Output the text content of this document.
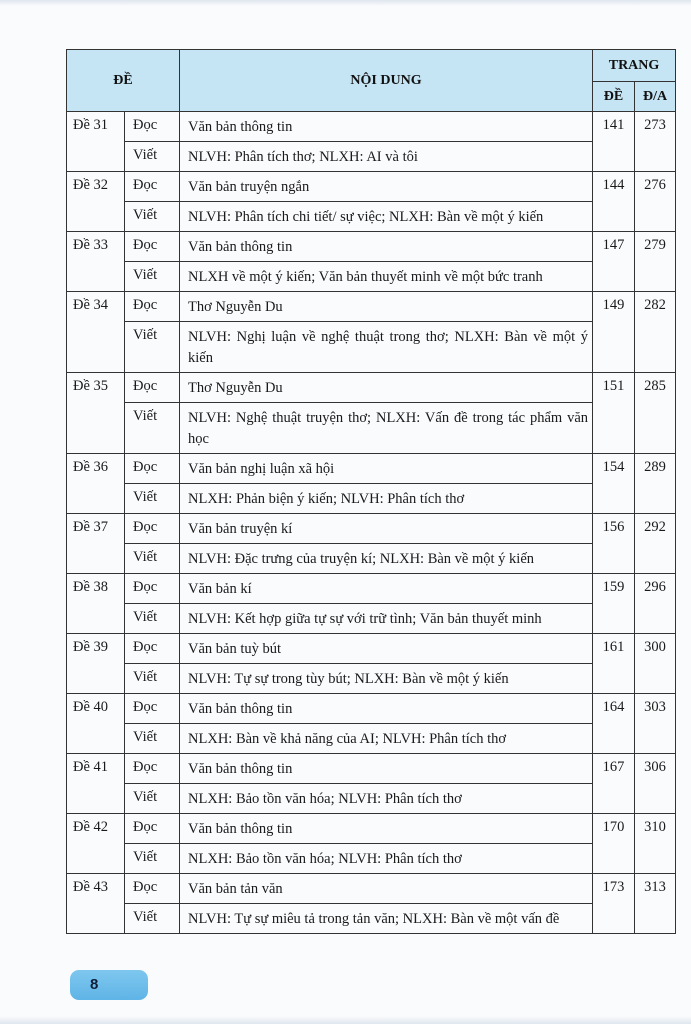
ĐỀ		NỘI DUNG	TRANG	
			ĐỀ	Đ/A
Đề 31	Đọc	Văn bản thông tin	141	273
	Viết	NLVH: Phân tích thơ; NLXH: AI và tôi		
Đề 32	Đọc	Văn bản truyện ngắn	144	276
	Viết	NLVH: Phân tích chi tiết/ sự việc; NLXH: Bàn về một ý kiến		
Đề 33	Đọc	Văn bản thông tin	147	279
	Viết	NLXH về một ý kiến; Văn bản thuyết minh về một bức tranh		
Đề 34	Đọc	Thơ Nguyễn Du	149	282
	Viết	NLVH: Nghị luận về nghệ thuật trong thơ; NLXH: Bàn về một ý kiến		
Đề 35	Đọc	Thơ Nguyễn Du	151	285
	Viết	NLVH: Nghệ thuật truyện thơ; NLXH: Vấn đề trong tác phẩm văn học		
Đề 36	Đọc	Văn bản nghị luận xã hội	154	289
	Viết	NLXH: Phản biện ý kiến; NLVH: Phân tích thơ		
Đề 37	Đọc	Văn bản truyện kí	156	292
	Viết	NLVH: Đặc trưng của truyện kí; NLXH: Bàn về một ý kiến		
Đề 38	Đọc	Văn bản kí	159	296
	Viết	NLVH: Kết hợp giữa tự sự với trữ tình; Văn bản thuyết minh		
Đề 39	Đọc	Văn bản tuỳ bút	161	300
	Viết	NLVH: Tự sự trong tùy bút; NLXH: Bàn về một ý kiến		
Đề 40	Đọc	Văn bản thông tin	164	303
	Viết	NLXH: Bàn về khả năng của AI; NLVH: Phân tích thơ		
Đề 41	Đọc	Văn bản thông tin	167	306
	Viết	NLXH: Bảo tồn văn hóa; NLVH: Phân tích thơ		
Đề 42	Đọc	Văn bản thông tin	170	310
	Viết	NLXH: Bảo tồn văn hóa; NLVH: Phân tích thơ		
Đề 43	Đọc	Văn bản tản văn	173	313
	Viết	NLVH: Tự sự miêu tả trong tản văn; NLXH: Bàn về một vấn đề		
8
